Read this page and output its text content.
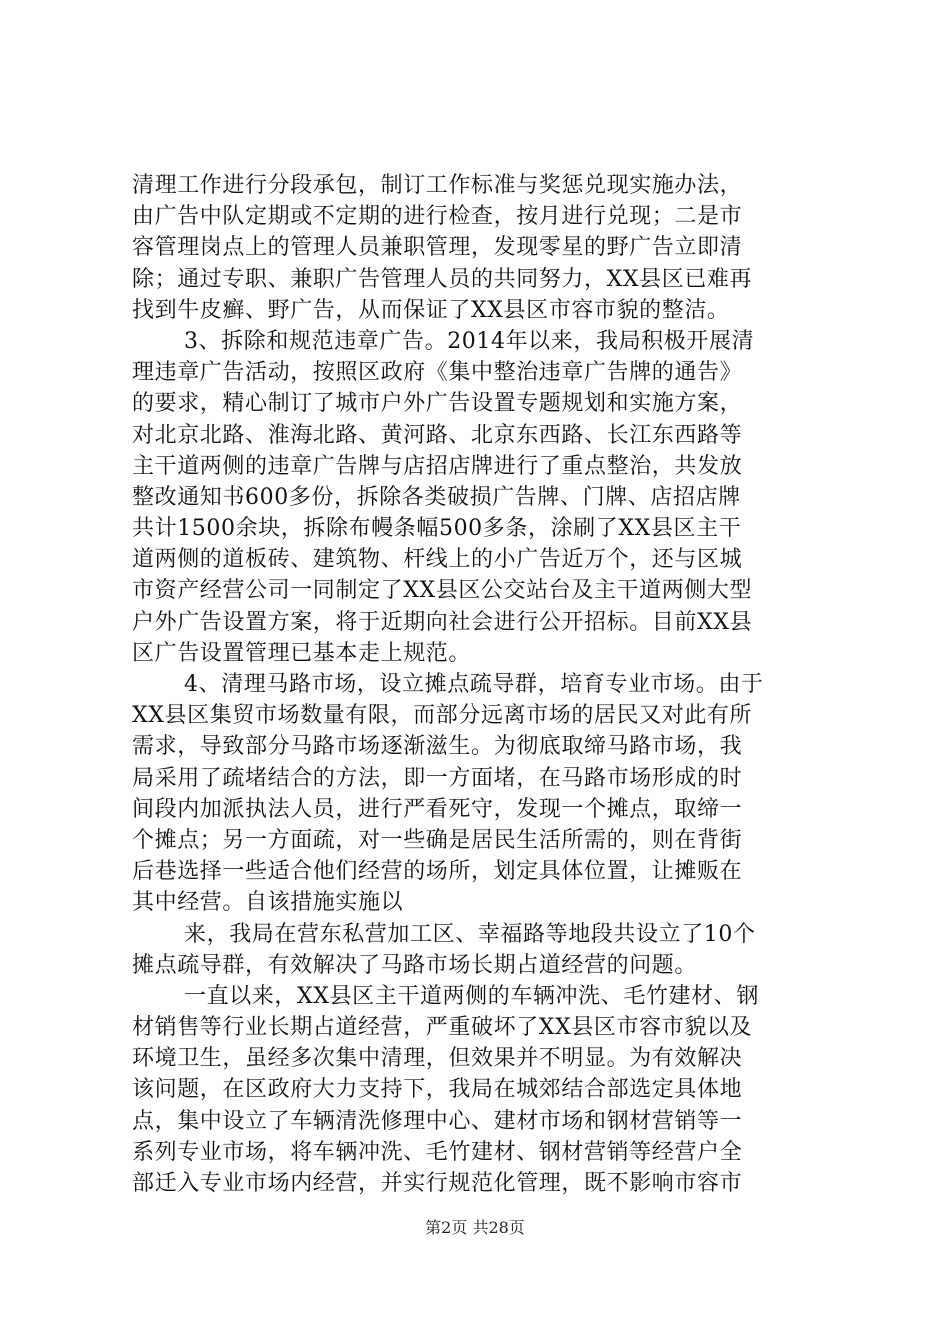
清理工作进行分段承包，制订工作标准与奖惩兑现实施办法，
由广告中队定期或不定期的进行检查，按月进行兑现；二是市
容管理岗点上的管理人员兼职管理，发现零星的野广告立即清
除；通过专职、兼职广告管理人员的共同努力，XX县区已难再
找到牛皮癣、野广告，从而保证了XX县区市容市貌的整洁。
3、拆除和规范违章广告。2014年以来，我局积极开展清
理违章广告活动，按照区政府《集中整治违章广告牌的通告》
的要求，精心制订了城市户外广告设置专题规划和实施方案，
对北京北路、淮海北路、黄河路、北京东西路、长江东西路等
主干道两侧的违章广告牌与店招店牌进行了重点整治，共发放
整改通知书600多份，拆除各类破损广告牌、门牌、店招店牌
共计1500余块，拆除布幔条幅500多条，涂刷了XX县区主干
道两侧的道板砖、建筑物、杆线上的小广告近万个，还与区城
市资产经营公司一同制定了XX县区公交站台及主干道两侧大型
户外广告设置方案，将于近期向社会进行公开招标。目前XX县
区广告设置管理已基本走上规范。
4、清理马路市场，设立摊点疏导群，培育专业市场。由于
XX县区集贸市场数量有限，而部分远离市场的居民又对此有所
需求，导致部分马路市场逐渐滋生。为彻底取缔马路市场，我
局采用了疏堵结合的方法，即一方面堵，在马路市场形成的时
间段内加派执法人员，进行严看死守，发现一个摊点，取缔一
个摊点；另一方面疏，对一些确是居民生活所需的，则在背街
后巷选择一些适合他们经营的场所，划定具体位置，让摊贩在
其中经营。自该措施实施以
来，我局在营东私营加工区、幸福路等地段共设立了10个
摊点疏导群，有效解决了马路市场长期占道经营的问题。
一直以来，XX县区主干道两侧的车辆冲洗、毛竹建材、钢
材销售等行业长期占道经营，严重破坏了XX县区市容市貌以及
环境卫生，虽经多次集中清理，但效果并不明显。为有效解决
该问题，在区政府大力支持下，我局在城郊结合部选定具体地
点，集中设立了车辆清洗修理中心、建材市场和钢材营销等一
系列专业市场，将车辆冲洗、毛竹建材、钢材营销等经营户全
部迁入专业市场内经营，并实行规范化管理，既不影响市容市
第2页 共28页
